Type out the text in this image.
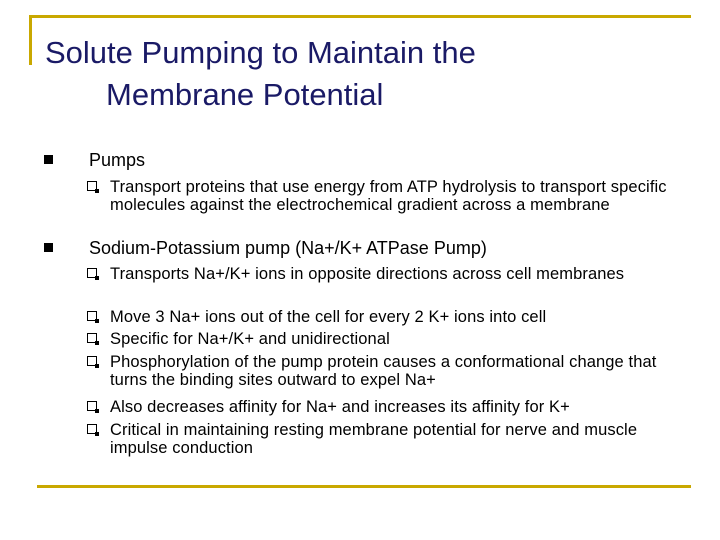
Solute Pumping to Maintain the
Membrane Potential
Pumps
Transport proteins that use energy from ATP hydrolysis to transport specific molecules against the electrochemical gradient across a membrane
Sodium-Potassium pump (Na+/K+ ATPase Pump)
Transports Na+/K+ ions in opposite directions across cell membranes
Move 3 Na+ ions out of the cell for every 2 K+ ions into cell
Specific for Na+/K+ and unidirectional
Phosphorylation of the pump protein causes a conformational change that turns the binding sites outward to expel Na+
Also decreases affinity for Na+ and increases its affinity for K+
Critical in maintaining resting membrane potential for nerve and muscle impulse conduction
